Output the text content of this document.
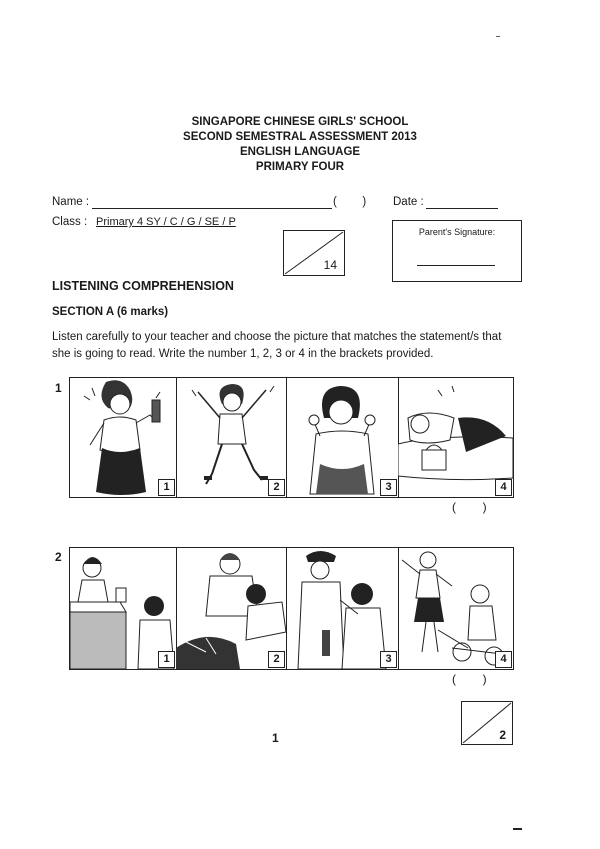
SINGAPORE CHINESE GIRLS' SCHOOL
SECOND SEMESTRAL ASSESSMENT 2013
ENGLISH LANGUAGE
PRIMARY FOUR
Name :	(        ) Date :
Class : Primary 4 SY / C / G / SE / P
Parent's Signature:
14
LISTENING COMPREHENSION
SECTION A (6 marks)
Listen carefully to your teacher and choose the picture that matches the statement/s that she is going to read. Write the number 1, 2, 3 or 4 in the brackets provided.
1
1	2	3	4
(        )
2
1	2	3	4
(        )
1	2
